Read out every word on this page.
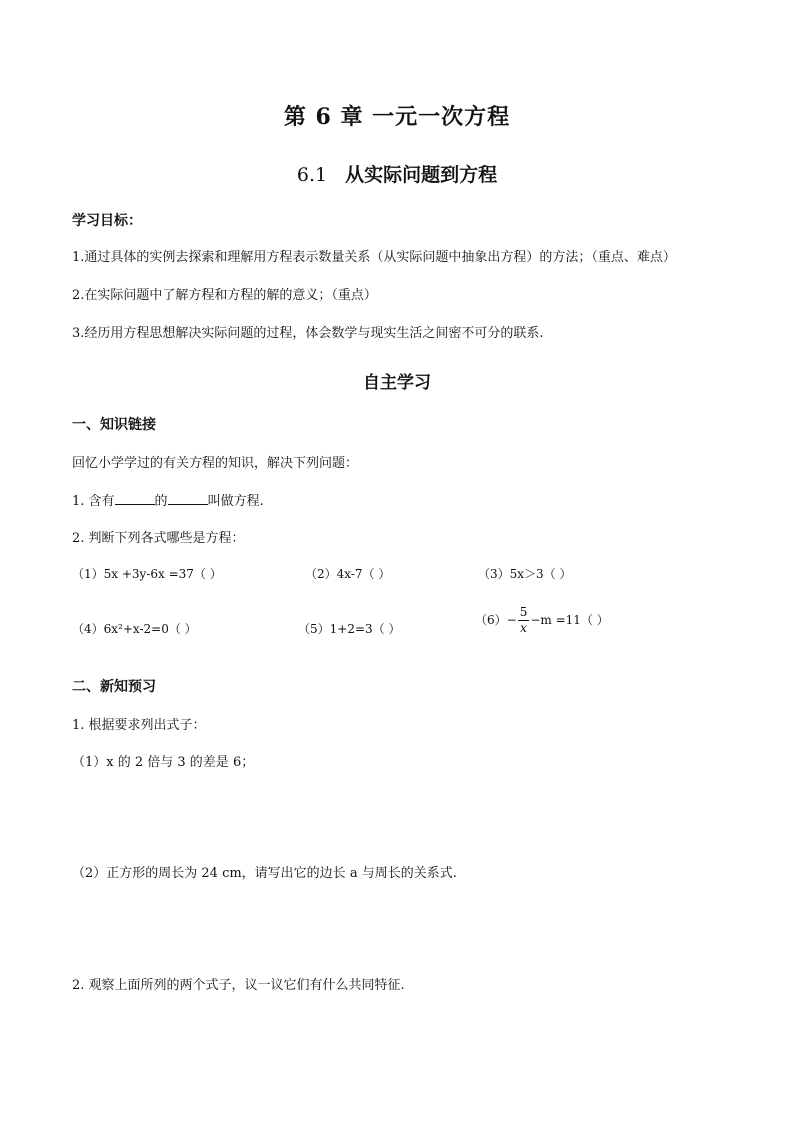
第 6 章 一元一次方程
6.1 从实际问题到方程
学习目标：
1.通过具体的实例去探索和理解用方程表示数量关系（从实际问题中抽象出方程）的方法；（重点、难点）
2.在实际问题中了解方程和方程的解的意义；（重点）
3.经历用方程思想解决实际问题的过程，体会数学与现实生活之间密不可分的联系.
自主学习
一、知识链接
回忆小学学过的有关方程的知识，解决下列问题：
1. 含有	的	叫做方程.
2. 判断下列各式哪些是方程：
（1）5x +3y-6x =37（ ）	（2）4x-7（ ）	（3）5x＞3（ ）
（4）6x²+x-2=0（ ）	（5）1+2=3（ ）
$(6)- \frac{5}{x} -m =11$（ ）
二、新知预习
1. 根据要求列出式子：
（1）x 的 2 倍与 3 的差是 6；
（2）正方形的周长为 24 cm，请写出它的边长 a 与周长的关系式.
2. 观察上面所列的两个式子，议一议它们有什么共同特征.
